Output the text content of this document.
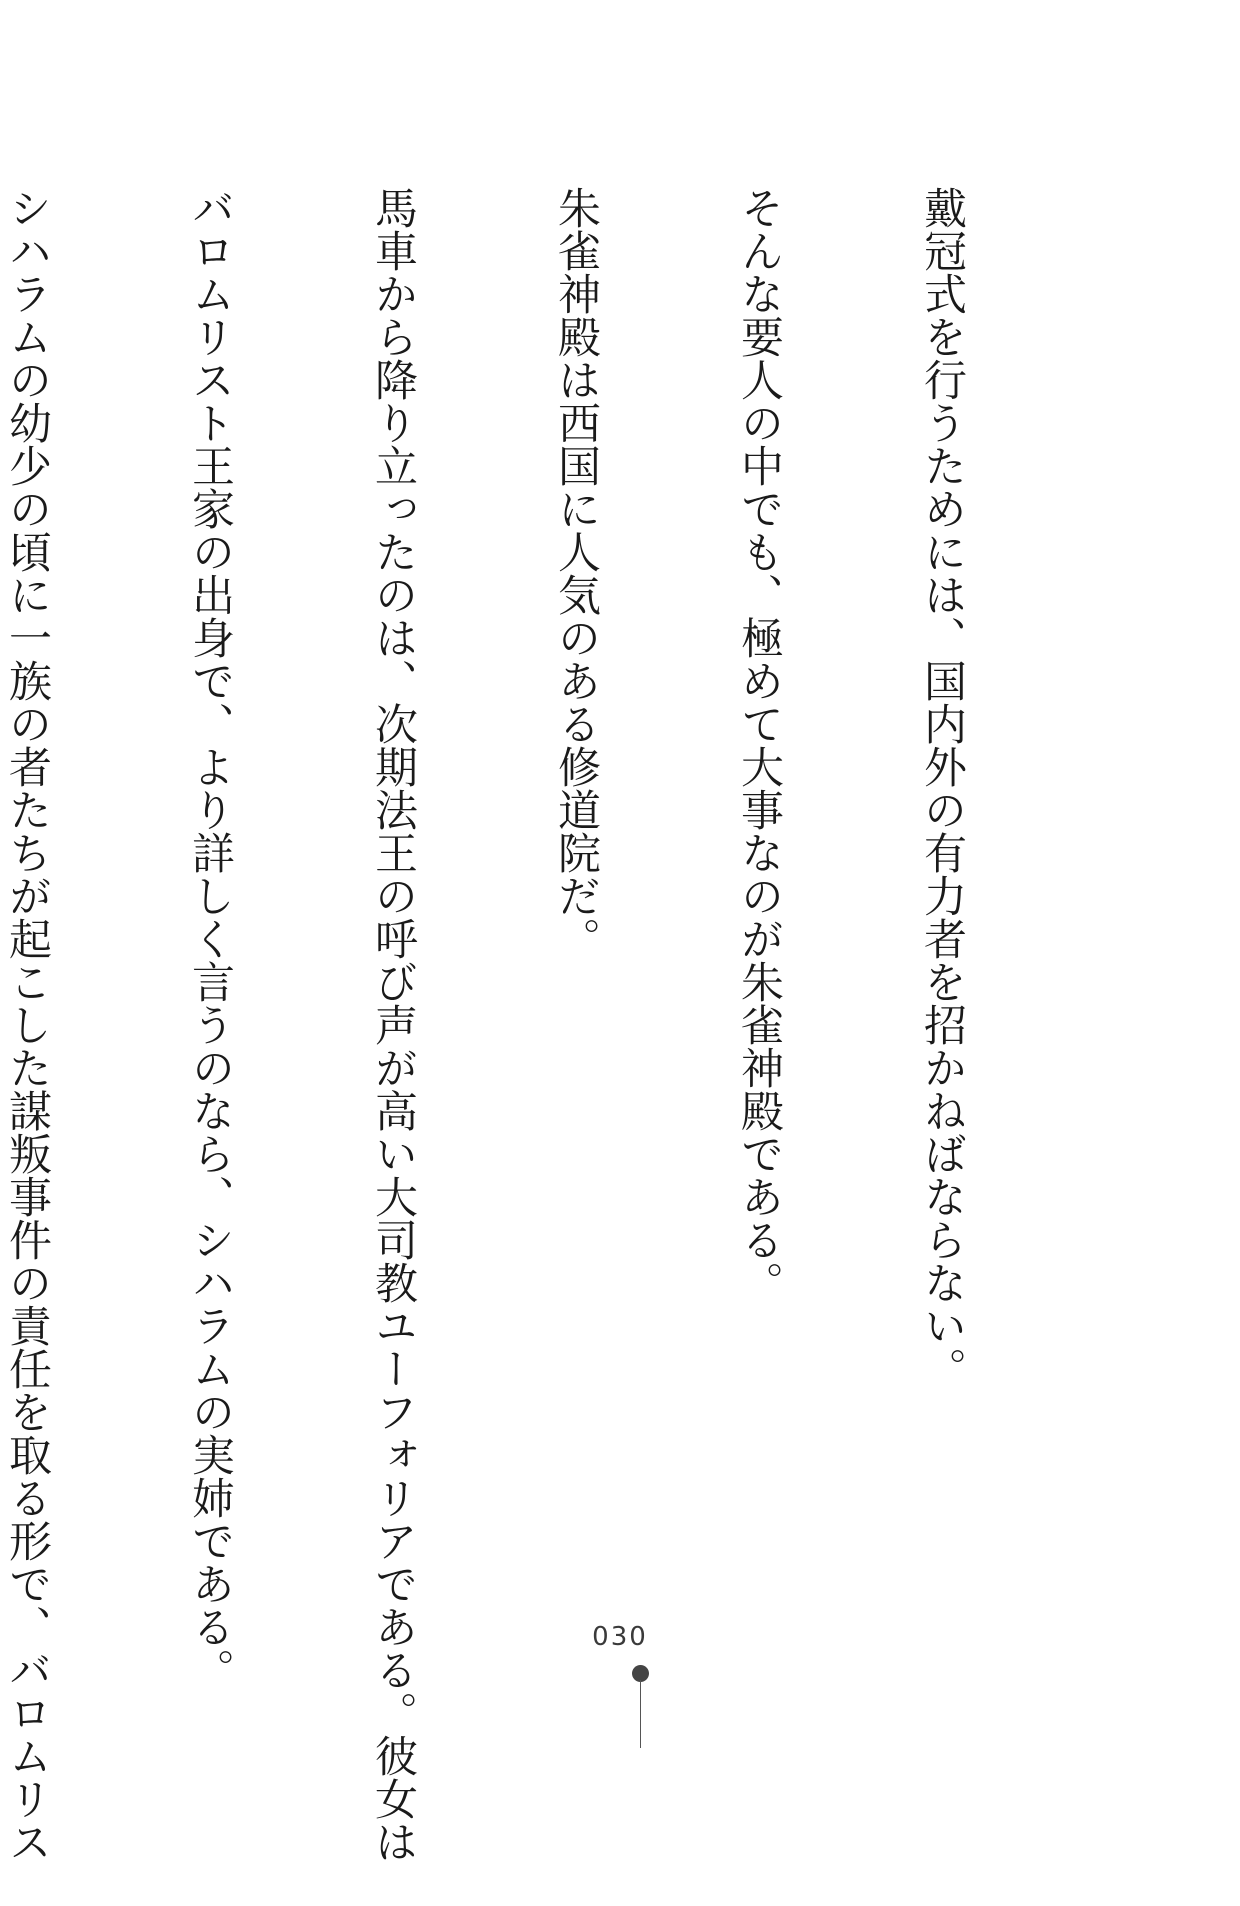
戴冠式を行うためには、国内外の有力者を招かねばならない。

そんな要人の中でも、極めて大事なのが朱雀神殿である。

朱雀神殿は西国に人気のある修道院だ。

馬車から降り立ったのは、次期法王の呼び声が高い大司教ユーフォリアである。彼女は

バロムリスト王家の出身で、より詳しく言うのなら、シハラムの実姉である。

シハラムの幼少の頃に一族の者たちが起こした謀叛事件の責任を取る形で、バロムリス

	030
